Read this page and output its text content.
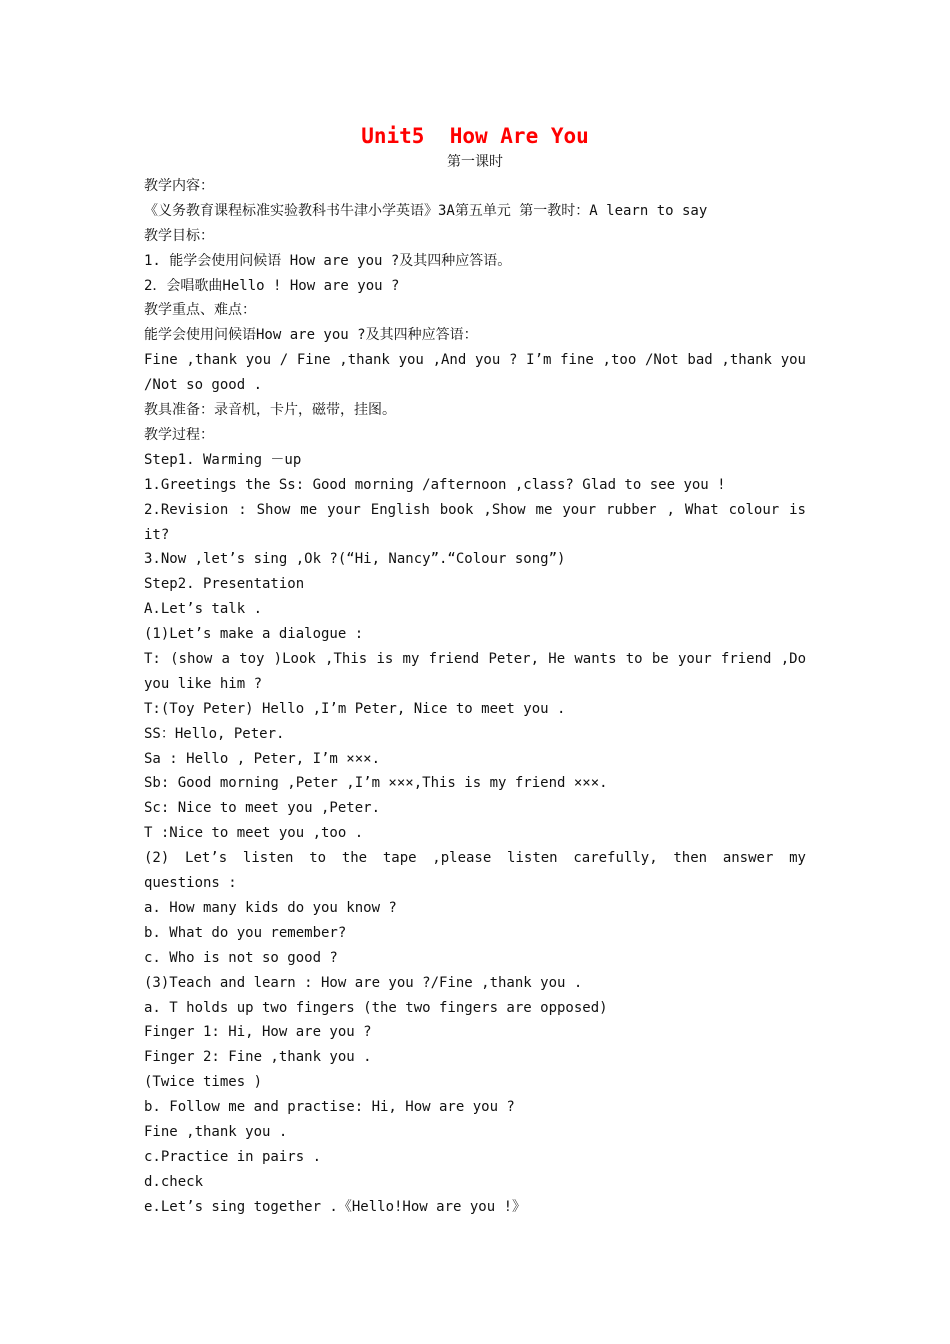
Unit5  How Are You
第一课时
教学内容：
《义务教育课程标准实验教科书牛津小学英语》3A第五单元 第一教时：A learn to say
教学目标：
1. 能学会使用问候语 How are you ?及其四种应答语。
2．会唱歌曲Hello ! How are you ?
教学重点、难点：
能学会使用问候语How are you ?及其四种应答语：
Fine ,thank you / Fine ,thank you ,And you ? I’m fine ,too /Not bad ,thank you /Not so good .
教具准备：录音机，卡片，磁带，挂图。
教学过程：
Step1. Warming －up
1.Greetings the Ss: Good morning /afternoon ,class? Glad to see you !
2.Revision : Show me your English book ,Show me your rubber , What colour is it?
3.Now ,let’s sing ,Ok ?(“Hi, Nancy”.“Colour song”)
Step2. Presentation
A.Let’s talk .
(1)Let’s make a dialogue :
T: (show a toy )Look ,This is my friend Peter, He wants to be your friend ,Do you like him ?
T:(Toy Peter) Hello ,I’m Peter, Nice to meet you .
SS：Hello, Peter.
Sa : Hello , Peter, I’m ×××.
Sb: Good morning ,Peter ,I’m ×××,This is my friend ×××.
Sc: Nice to meet you ,Peter.
T :Nice to meet you ,too .
(2) Let’s listen to the tape ,please listen carefully, then answer my questions :
a. How many kids do you know ?
b. What do you remember?
c. Who is not so good ?
(3)Teach and learn : How are you ?/Fine ,thank you .
a. T holds up two fingers (the two fingers are opposed)
Finger 1: Hi, How are you ?
Finger 2: Fine ,thank you .
(Twice times )
b. Follow me and practise: Hi, How are you ?
Fine ,thank you .
c.Practice in pairs .
d.check
e.Let’s sing together .《Hello!How are you !》
